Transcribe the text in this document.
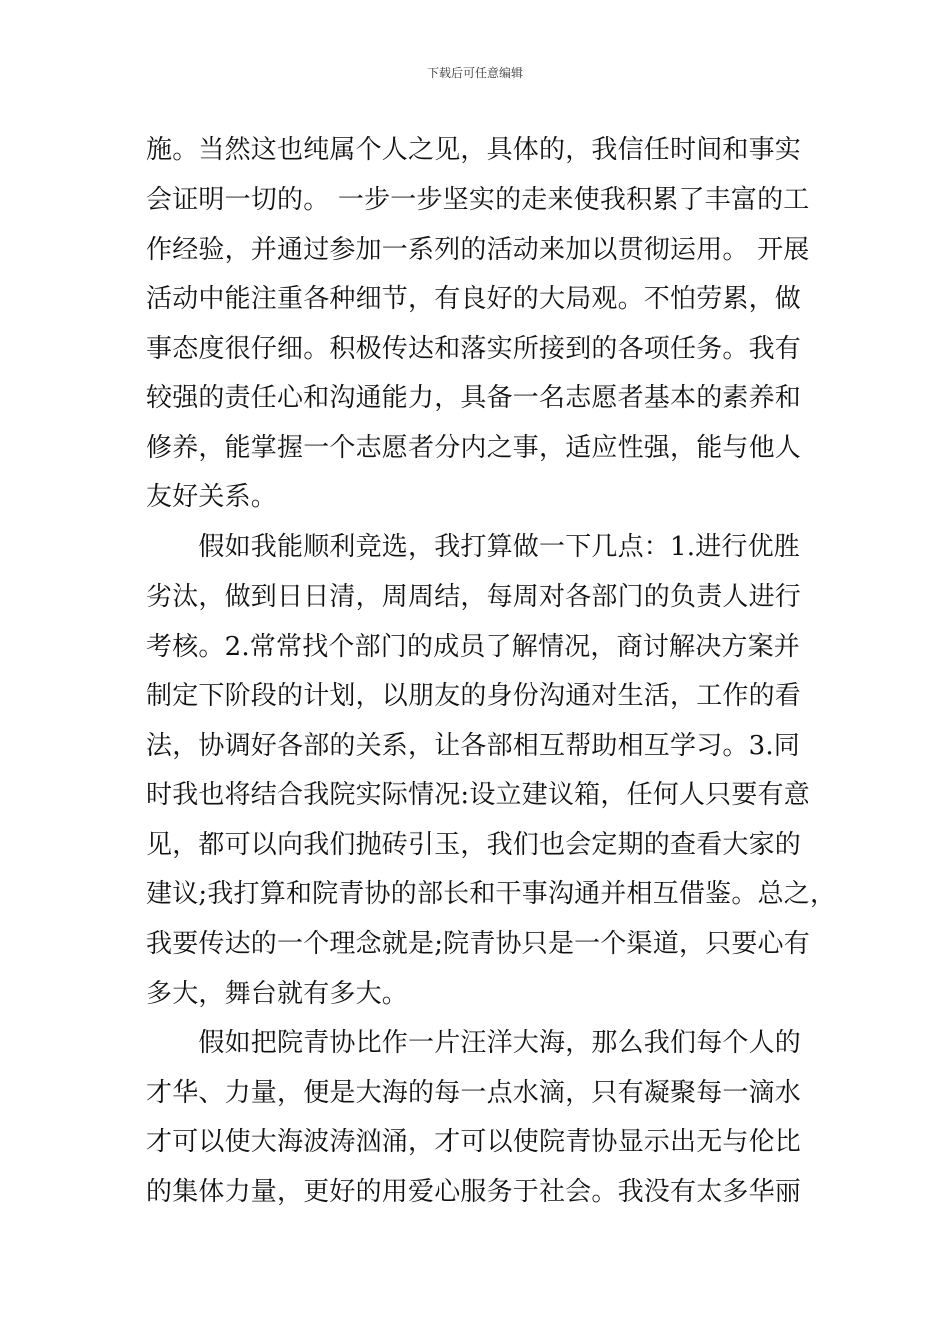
下载后可任意编辑
施。当然这也纯属个人之见，具体的，我信任时间和事实
会证明一切的。 一步一步坚实的走来使我积累了丰富的工
作经验，并通过参加一系列的活动来加以贯彻运用。 开展
活动中能注重各种细节，有良好的大局观。不怕劳累，做
事态度很仔细。积极传达和落实所接到的各项任务。我有
较强的责任心和沟通能力，具备一名志愿者基本的素养和
修养，能掌握一个志愿者分内之事，适应性强，能与他人
友好关系。
　　假如我能顺利竞选，我打算做一下几点：1.进行优胜
劣汰，做到日日清，周周结，每周对各部门的负责人进行
考核。2.常常找个部门的成员了解情况，商讨解决方案并
制定下阶段的计划，以朋友的身份沟通对生活，工作的看
法，协调好各部的关系，让各部相互帮助相互学习。3.同
时我也将结合我院实际情况:设立建议箱，任何人只要有意
见，都可以向我们抛砖引玉，我们也会定期的查看大家的
建议;我打算和院青协的部长和干事沟通并相互借鉴。总之，
我要传达的一个理念就是;院青协只是一个渠道，只要心有
多大，舞台就有多大。
　　假如把院青协比作一片汪洋大海，那么我们每个人的
才华、力量，便是大海的每一点水滴，只有凝聚每一滴水
才可以使大海波涛汹涌，才可以使院青协显示出无与伦比
的集体力量，更好的用爱心服务于社会。我没有太多华丽
